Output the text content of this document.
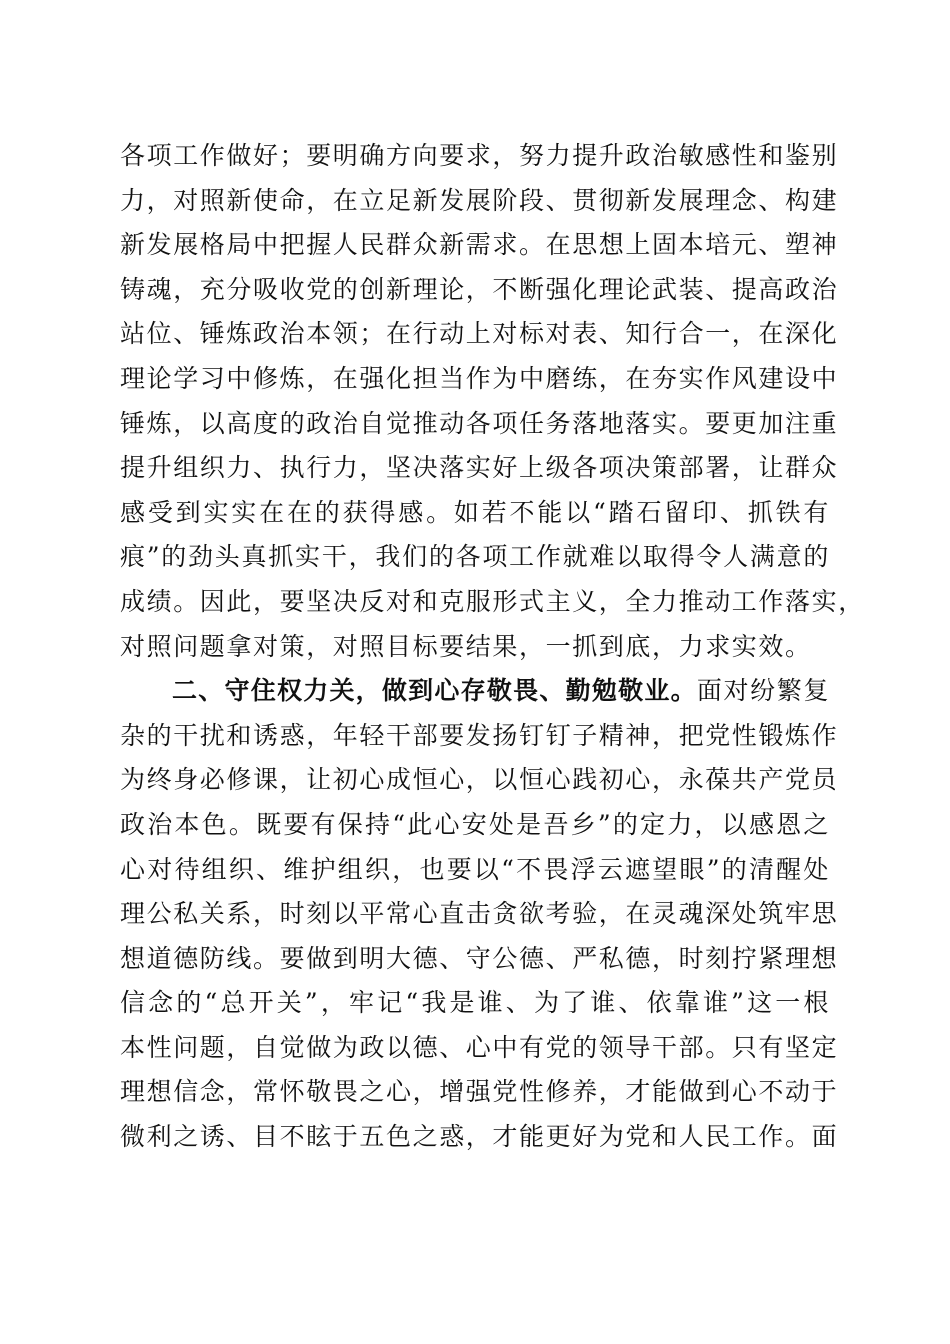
各项工作做好；要明确方向要求，努力提升政治敏感性和鉴别
力，对照新使命，在立足新发展阶段、贯彻新发展理念、构建
新发展格局中把握人民群众新需求。在思想上固本培元、塑神
铸魂，充分吸收党的创新理论，不断强化理论武装、提高政治
站位、锤炼政治本领；在行动上对标对表、知行合一，在深化
理论学习中修炼，在强化担当作为中磨练，在夯实作风建设中
锤炼，以高度的政治自觉推动各项任务落地落实。要更加注重
提升组织力、执行力，坚决落实好上级各项决策部署，让群众
感受到实实在在的获得感。如若不能以“踏石留印、抓铁有
痕”的劲头真抓实干，我们的各项工作就难以取得令人满意的
成绩。因此，要坚决反对和克服形式主义，全力推动工作落实，
对照问题拿对策，对照目标要结果，一抓到底，力求实效。
二、守住权力关，做到心存敬畏、勤勉敬业。面对纷繁复
杂的干扰和诱惑，年轻干部要发扬钉钉子精神，把党性锻炼作
为终身必修课，让初心成恒心，以恒心践初心，永葆共产党员
政治本色。既要有保持“此心安处是吾乡”的定力，以感恩之
心对待组织、维护组织，也要以“不畏浮云遮望眼”的清醒处
理公私关系，时刻以平常心直击贪欲考验，在灵魂深处筑牢思
想道德防线。要做到明大德、守公德、严私德，时刻拧紧理想
信念的“总开关”，牢记“我是谁、为了谁、依靠谁”这一根
本性问题，自觉做为政以德、心中有党的领导干部。只有坚定
理想信念，常怀敬畏之心，增强党性修养，才能做到心不动于
微利之诱、目不眩于五色之惑，才能更好为党和人民工作。面
